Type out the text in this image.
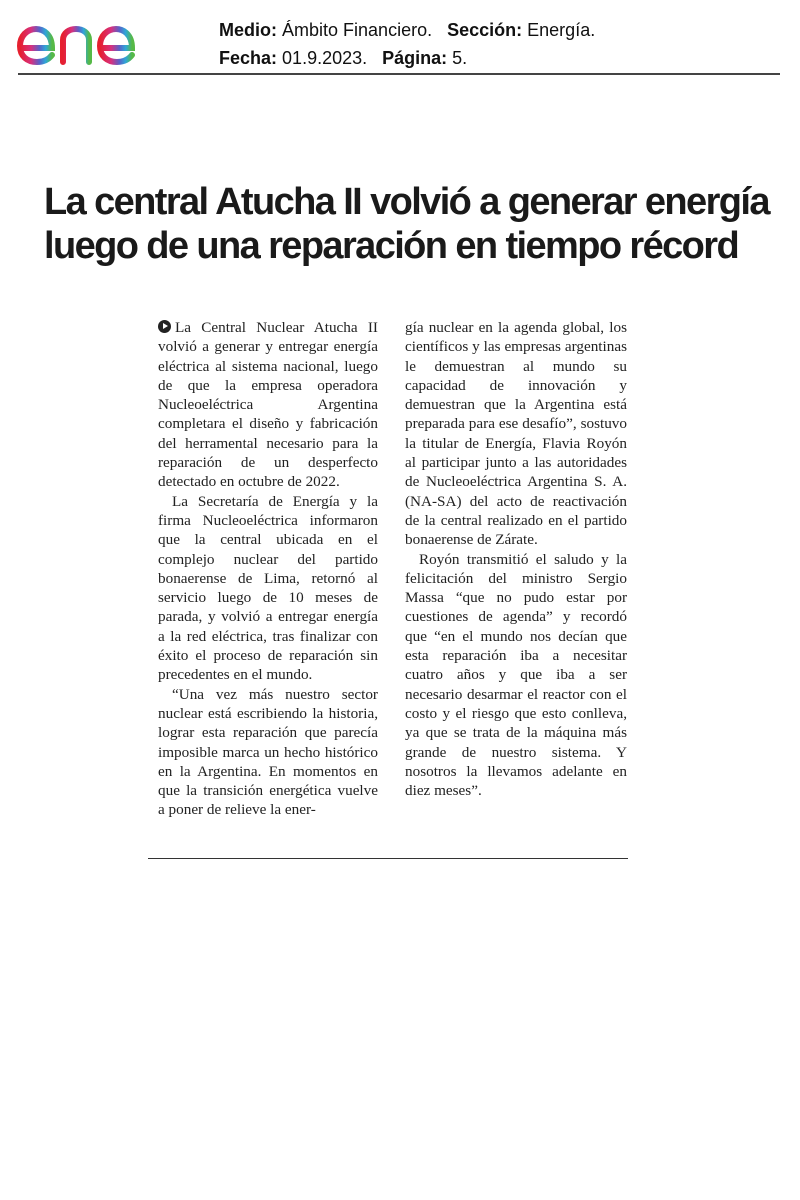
Medio: Ámbito Financiero. Sección: Energía.
Fecha: 01.9.2023. Página: 5.
La central Atucha II volvió a generar energía luego de una reparación en tiempo récord

La Central Nuclear Atucha II volvió a generar y entregar energía eléctrica al sistema nacional, luego de que la empresa operadora Nucleoeléctrica Argentina completara el diseño y fabricación del herramental necesario para la reparación de un desperfecto detectado en octubre de 2022.

La Secretaría de Energía y la firma Nucleoeléctrica informaron que la central ubicada en el complejo nuclear del partido bonaerense de Lima, retornó al servicio luego de 10 meses de parada, y volvió a entregar energía a la red eléctrica, tras finalizar con éxito el proceso de reparación sin precedentes en el mundo.

“Una vez más nuestro sector nuclear está escribiendo la historia, lograr esta reparación que parecía imposible marca un hecho histórico en la Argentina. En momentos en que la transición energética vuelve a poner de relieve la ener-

gía nuclear en la agenda global, los científicos y las empresas argentinas le demuestran al mundo su capacidad de innovación y demuestran que la Argentina está preparada para ese desafío”, sostuvo la titular de Energía, Flavia Royón al participar junto a las autoridades de Nucleoeléctrica Argentina S. A. (NA-SA) del acto de reactivación de la central realizado en el partido bonaerense de Zárate.

Royón transmitió el saludo y la felicitación del ministro Sergio Massa “que no pudo estar por cuestiones de agenda” y recordó que “en el mundo nos decían que esta reparación iba a necesitar cuatro años y que iba a ser necesario desarmar el reactor con el costo y el riesgo que esto conlleva, ya que se trata de la máquina más grande de nuestro sistema. Y nosotros la llevamos adelante en diez meses”.
